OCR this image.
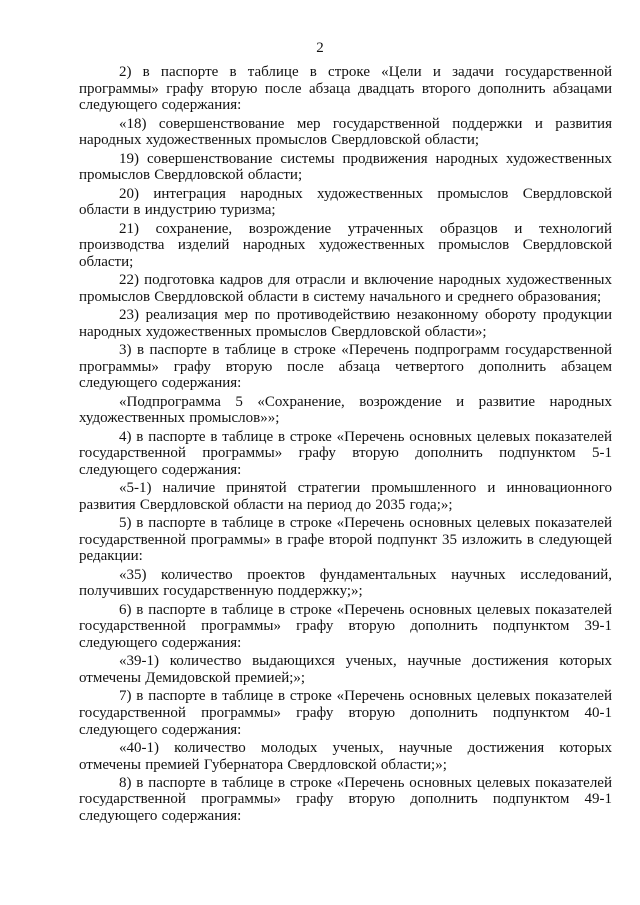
2

2) в паспорте в таблице в строке «Цели и задачи государственной программы» графу вторую после абзаца двадцать второго дополнить абзацами следующего содержания:

«18) совершенствование мер государственной поддержки и развития народных художественных промыслов Свердловской области;

19) совершенствование системы продвижения народных художественных промыслов Свердловской области;

20) интеграция народных художественных промыслов Свердловской области в индустрию туризма;

21) сохранение, возрождение утраченных образцов и технологий производства изделий народных художественных промыслов Свердловской области;

22) подготовка кадров для отрасли и включение народных художественных промыслов Свердловской области в систему начального и среднего образования;

23) реализация мер по противодействию незаконному обороту продукции народных художественных промыслов Свердловской области»;

3) в паспорте в таблице в строке «Перечень подпрограмм государственной программы» графу вторую после абзаца четвертого дополнить абзацем следующего содержания:

«Подпрограмма 5 «Сохранение, возрождение и развитие народных художественных промыслов»»;

4) в паспорте в таблице в строке «Перечень основных целевых показателей государственной программы» графу вторую дополнить подпунктом 5-1 следующего содержания:

«5-1) наличие принятой стратегии промышленного и инновационного развития Свердловской области на период до 2035 года;»;

5) в паспорте в таблице в строке «Перечень основных целевых показателей государственной программы» в графе второй подпункт 35 изложить в следующей редакции:

«35) количество проектов фундаментальных научных исследований, получивших государственную поддержку;»;

6) в паспорте в таблице в строке «Перечень основных целевых показателей государственной программы» графу вторую дополнить подпунктом 39-1 следующего содержания:

«39-1) количество выдающихся ученых, научные достижения которых отмечены Демидовской премией;»;

7) в паспорте в таблице в строке «Перечень основных целевых показателей государственной программы» графу вторую дополнить подпунктом 40-1 следующего содержания:

«40-1) количество молодых ученых, научные достижения которых отмечены премией Губернатора Свердловской области;»;

8) в паспорте в таблице в строке «Перечень основных целевых показателей государственной программы» графу вторую дополнить подпунктом 49-1 следующего содержания:
